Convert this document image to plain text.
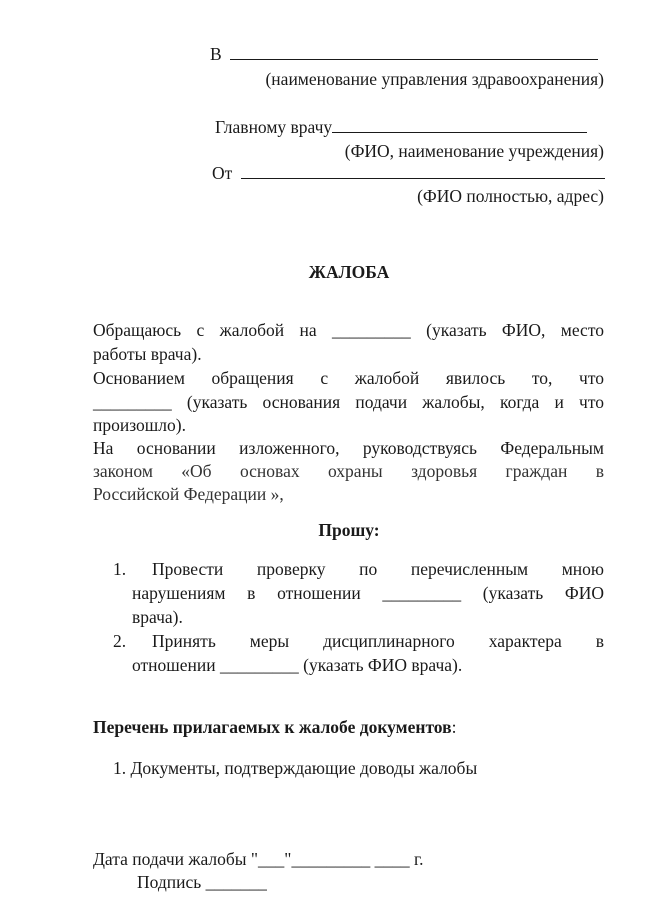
В
(наименование управления здравоохранения)
Главному врачу
(ФИО, наименование учреждения)
От
(ФИО полностью, адрес)
ЖАЛОБА
Обращаюсь с жалобой на _________ (указать ФИО, место
работы врача).
Основанием обращения с жалобой явилось то, что
_________ (указать основания подачи жалобы, когда и что
произошло).
На основании изложенного, руководствуясь Федеральным
законом «Об основах охраны здоровья граждан в
Российской Федерации »,
Прошу:
1. Провести проверку по перечисленным мною
нарушениям в отношении _________ (указать ФИО
врача).
2. Принять меры дисциплинарного характера в
отношении _________ (указать ФИО врача).
Перечень прилагаемых к жалобе документов:
1. Документы, подтверждающие доводы жалобы
Дата подачи жалобы "___"_________ ____ г.
Подпись _______
